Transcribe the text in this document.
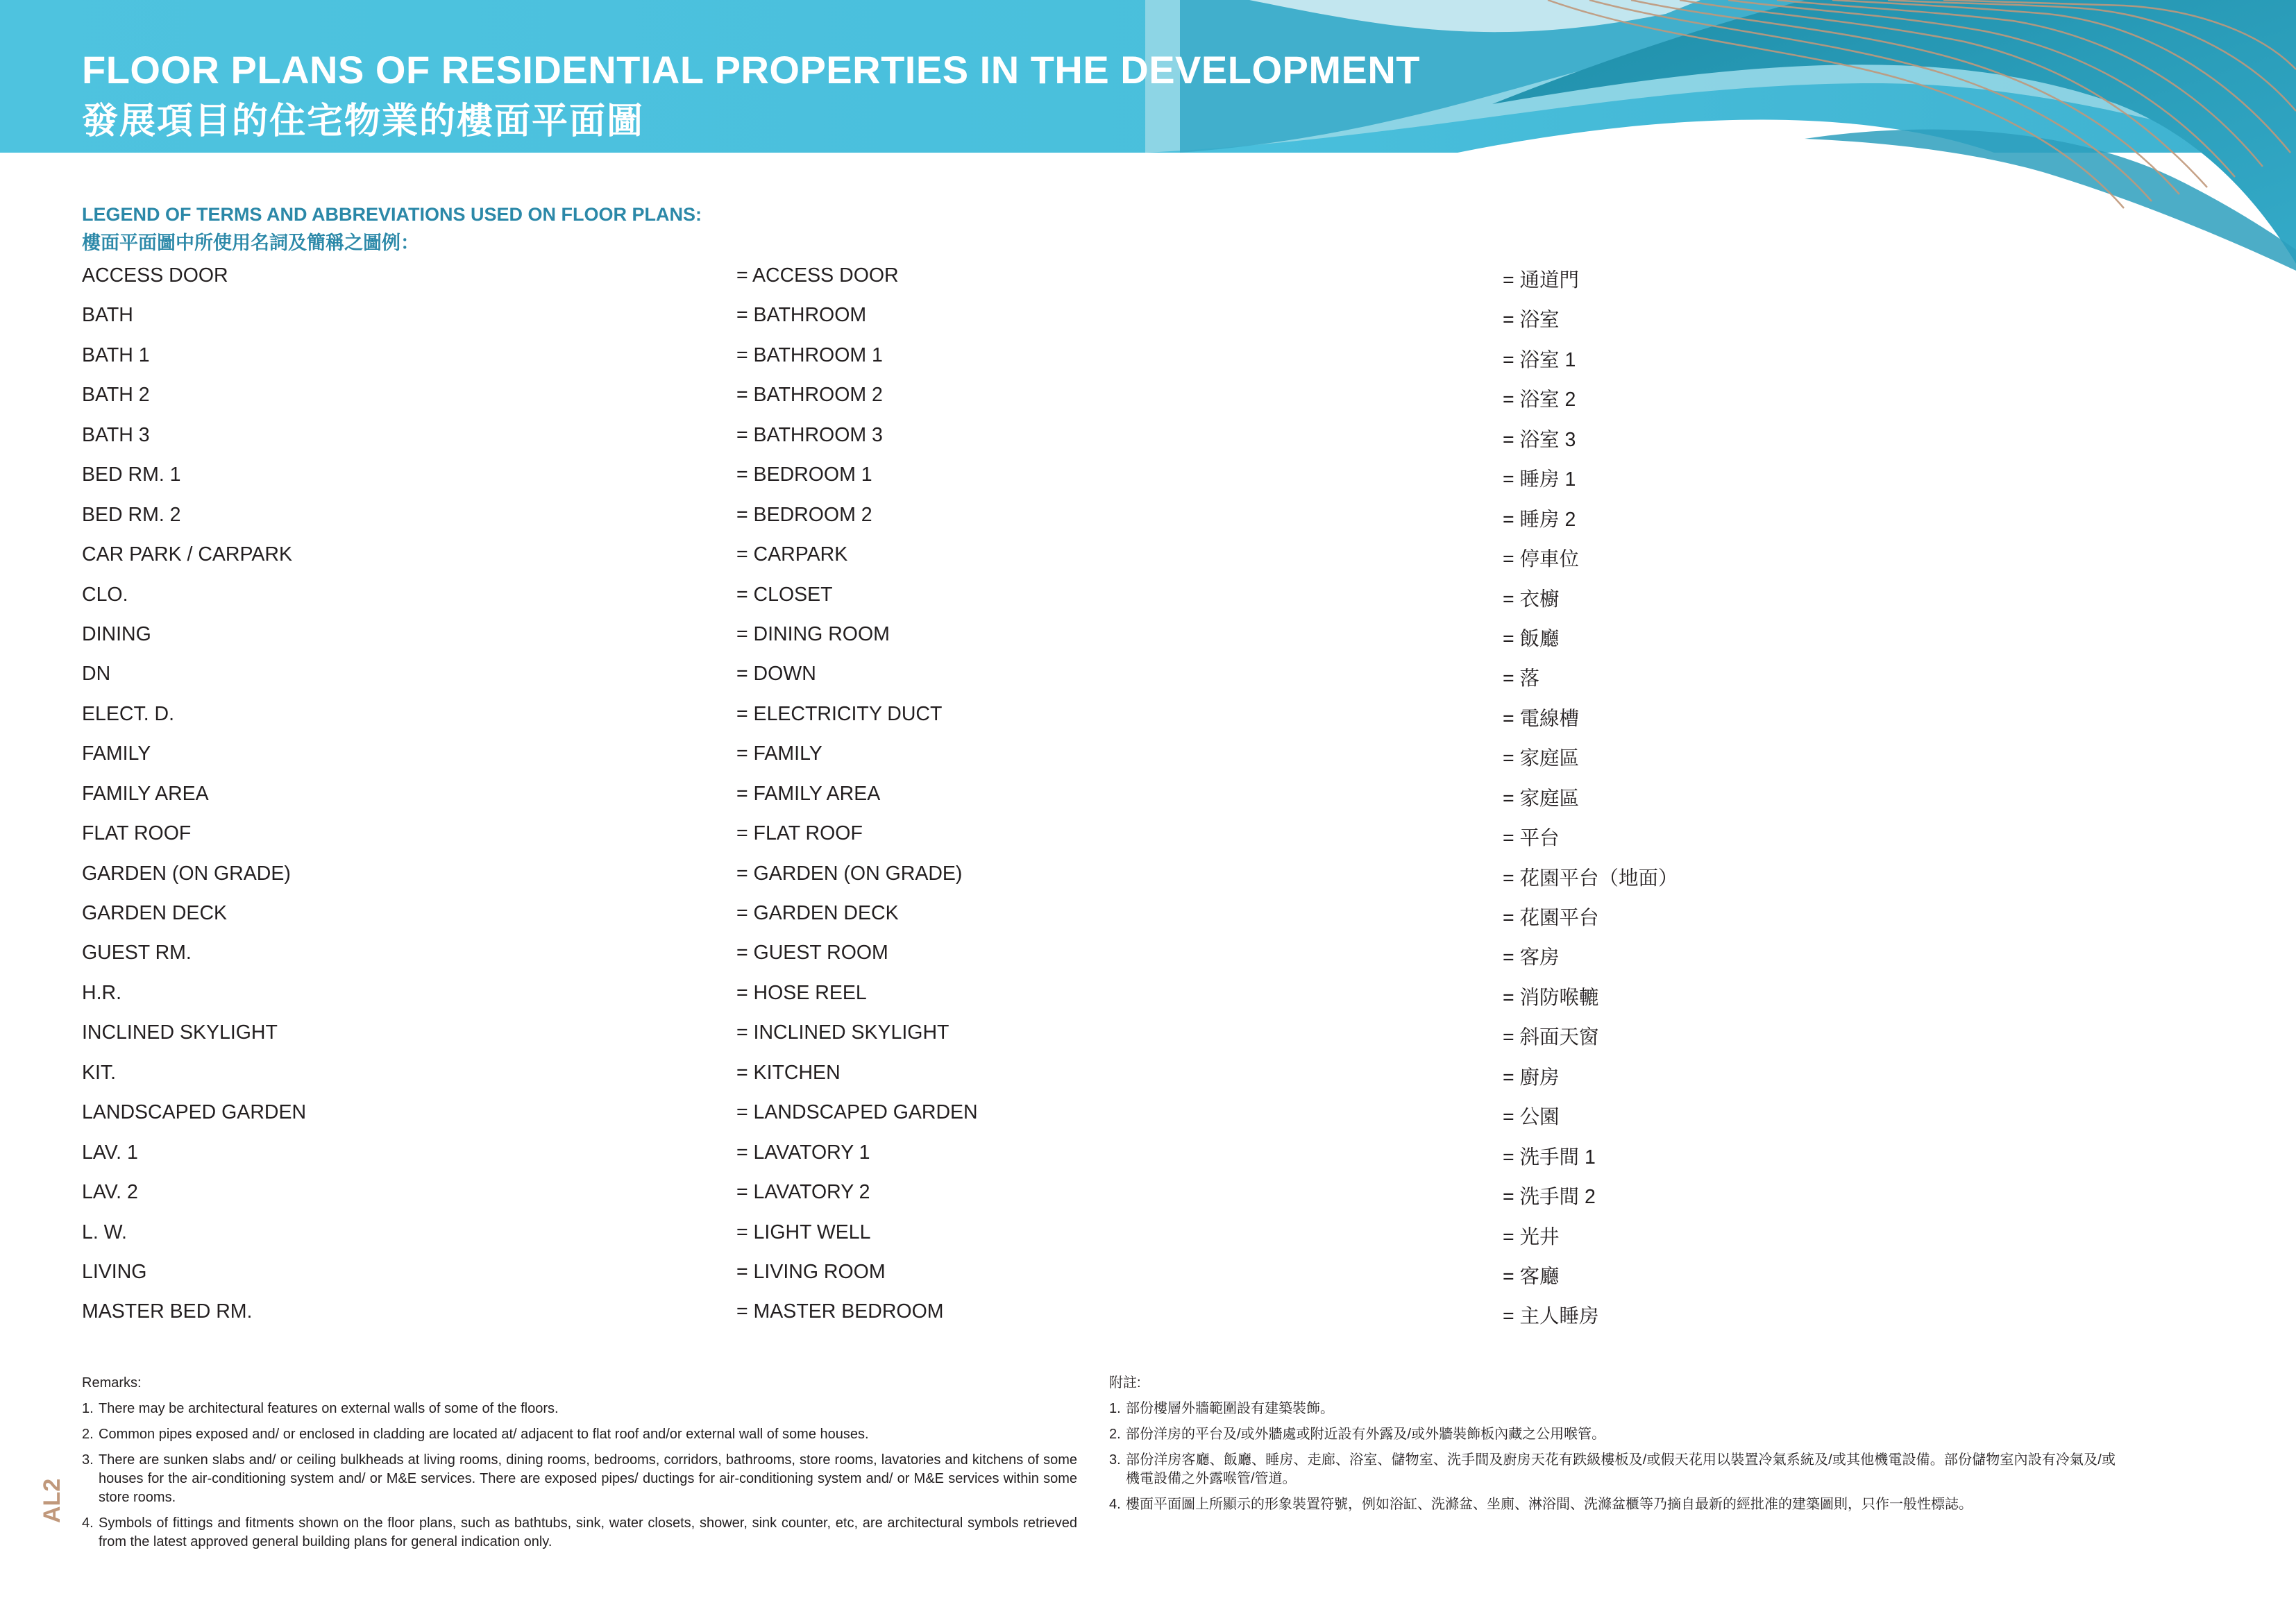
FLOOR PLANS OF RESIDENTIAL PROPERTIES IN THE DEVELOPMENT
發展項目的住宅物業的樓面平面圖
LEGEND OF TERMS AND ABBREVIATIONS USED ON FLOOR PLANS:
樓面平面圖中所使用名詞及簡稱之圖例：
ACCESS DOOR	= ACCESS DOOR	= 通道門
BATH	= BATHROOM	= 浴室
BATH 1	= BATHROOM 1	= 浴室 1
BATH 2	= BATHROOM 2	= 浴室 2
BATH 3	= BATHROOM 3	= 浴室 3
BED RM. 1	= BEDROOM 1	= 睡房 1
BED RM. 2	= BEDROOM 2	= 睡房 2
CAR PARK / CARPARK	= CARPARK	= 停車位
CLO.	= CLOSET	= 衣櫥
DINING	= DINING ROOM	= 飯廳
DN	= DOWN	= 落
ELECT. D.	= ELECTRICITY DUCT	= 電線槽
FAMILY	= FAMILY	= 家庭區
FAMILY AREA	= FAMILY AREA	= 家庭區
FLAT ROOF	= FLAT ROOF	= 平台
GARDEN (ON GRADE)	= GARDEN (ON GRADE)	= 花園平台（地面）
GARDEN DECK	= GARDEN DECK	= 花園平台
GUEST RM.	= GUEST ROOM	= 客房
H.R.	= HOSE REEL	= 消防喉轆
INCLINED SKYLIGHT	= INCLINED SKYLIGHT	= 斜面天窗
KIT.	= KITCHEN	= 廚房
LANDSCAPED GARDEN	= LANDSCAPED GARDEN	= 公園
LAV. 1	= LAVATORY 1	= 洗手間 1
LAV. 2	= LAVATORY 2	= 洗手間 2
L. W.	= LIGHT WELL	= 光井
LIVING	= LIVING ROOM	= 客廳
MASTER BED RM.	= MASTER BEDROOM	= 主人睡房
Remarks:
1. There may be architectural features on external walls of some of the floors.
2. Common pipes exposed and/ or enclosed in cladding are located at/ adjacent to flat roof and/or external wall of some houses.
3. There are sunken slabs and/ or ceiling bulkheads at living rooms, dining rooms, bedrooms, corridors, bathrooms, store rooms, lavatories and kitchens of some houses for the air-conditioning system and/ or M&E services. There are exposed pipes/ ductings for air-conditioning system and/ or M&E services within some store rooms.
4. Symbols of fittings and fitments shown on the floor plans, such as bathtubs, sink, water closets, shower, sink counter, etc, are architectural symbols retrieved from the latest approved general building plans for general indication only.
附註:
1. 部份樓層外牆範圍設有建築裝飾。
2. 部份洋房的平台及/或外牆處或附近設有外露及/或外牆裝飾板內藏之公用喉管。
3. 部份洋房客廳、飯廳、睡房、走廊、浴室、儲物室、洗手間及廚房天花有跌級樓板及/或假天花用以裝置冷氣系統及/或其他機電設備。部份儲物室內設有冷氣及/或機電設備之外露喉管/管道。
4. 樓面平面圖上所顯示的形象裝置符號，例如浴缸、洗滌盆、坐廁、淋浴間、洗滌盆櫃等乃摘自最新的經批准的建築圖則，只作一般性標誌。
AL2
